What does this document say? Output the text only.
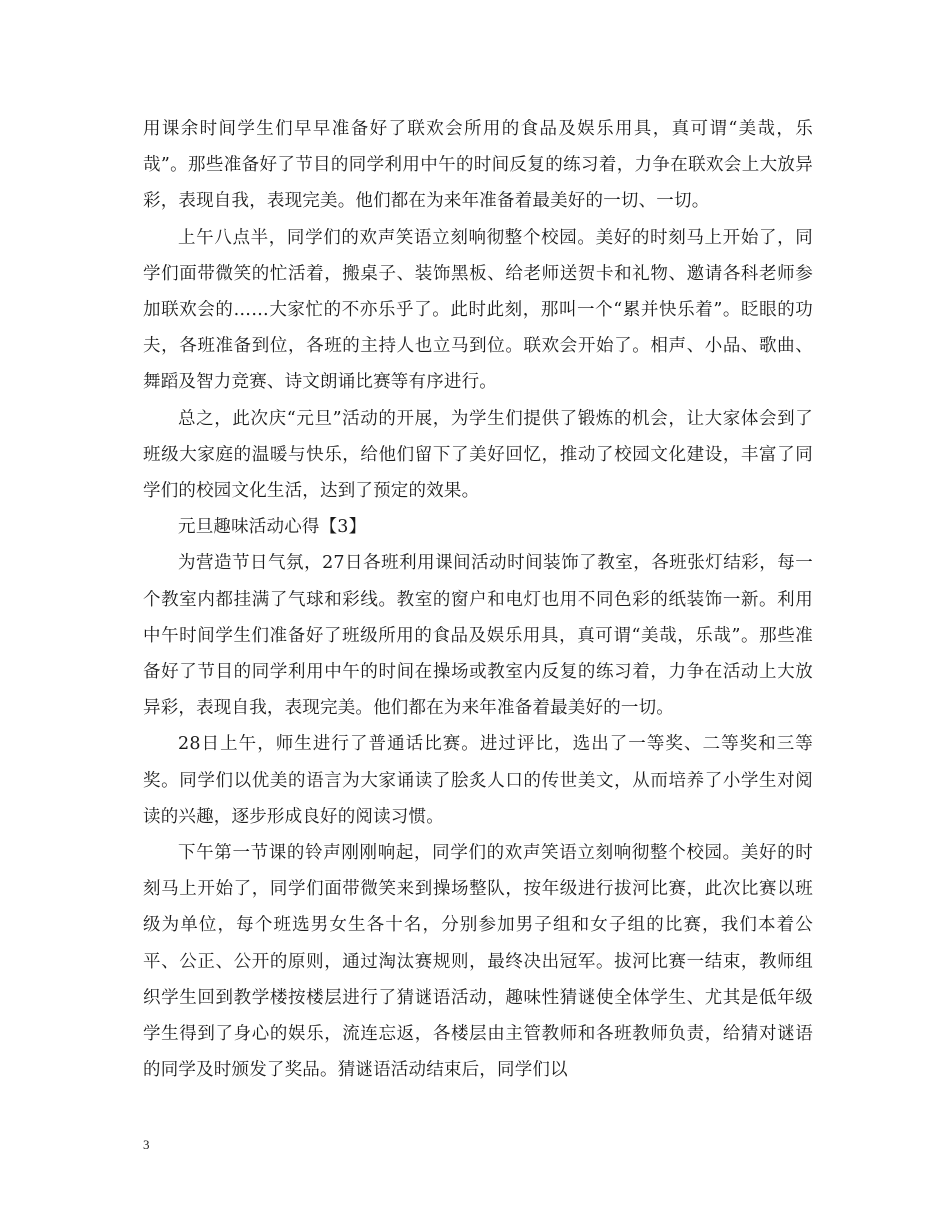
用课余时间学生们早早准备好了联欢会所用的食品及娱乐用具，真可谓“美哉，乐哉”。那些准备好了节目的同学利用中午的时间反复的练习着，力争在联欢会上大放异彩，表现自我，表现完美。他们都在为来年准备着最美好的一切、一切。

上午八点半，同学们的欢声笑语立刻响彻整个校园。美好的时刻马上开始了，同学们面带微笑的忙活着，搬桌子、装饰黑板、给老师送贺卡和礼物、邀请各科老师参加联欢会的……大家忙的不亦乐乎了。此时此刻，那叫一个“累并快乐着”。眨眼的功夫，各班准备到位，各班的主持人也立马到位。联欢会开始了。相声、小品、歌曲、舞蹈及智力竞赛、诗文朗诵比赛等有序进行。

总之，此次庆“元旦”活动的开展，为学生们提供了锻炼的机会，让大家体会到了班级大家庭的温暖与快乐，给他们留下了美好回忆，推动了校园文化建设，丰富了同学们的校园文化生活，达到了预定的效果。

元旦趣味活动心得【3】

为营造节日气氛，27日各班利用课间活动时间装饰了教室，各班张灯结彩，每一个教室内都挂满了气球和彩线。教室的窗户和电灯也用不同色彩的纸装饰一新。利用中午时间学生们准备好了班级所用的食品及娱乐用具，真可谓“美哉，乐哉”。那些准备好了节目的同学利用中午的时间在操场或教室内反复的练习着，力争在活动上大放异彩，表现自我，表现完美。他们都在为来年准备着最美好的一切。

28日上午，师生进行了普通话比赛。进过评比，选出了一等奖、二等奖和三等奖。同学们以优美的语言为大家诵读了脍炙人口的传世美文，从而培养了小学生对阅读的兴趣，逐步形成良好的阅读习惯。

下午第一节课的铃声刚刚响起，同学们的欢声笑语立刻响彻整个校园。美好的时刻马上开始了，同学们面带微笑来到操场整队，按年级进行拔河比赛，此次比赛以班级为单位，每个班选男女生各十名，分别参加男子组和女子组的比赛，我们本着公平、公正、公开的原则，通过淘汰赛规则，最终决出冠军。拔河比赛一结束，教师组织学生回到教学楼按楼层进行了猜谜语活动，趣味性猜谜使全体学生、尤其是低年级学生得到了身心的娱乐，流连忘返，各楼层由主管教师和各班教师负责，给猜对谜语的同学及时颁发了奖品。猜谜语活动结束后，同学们以

3
